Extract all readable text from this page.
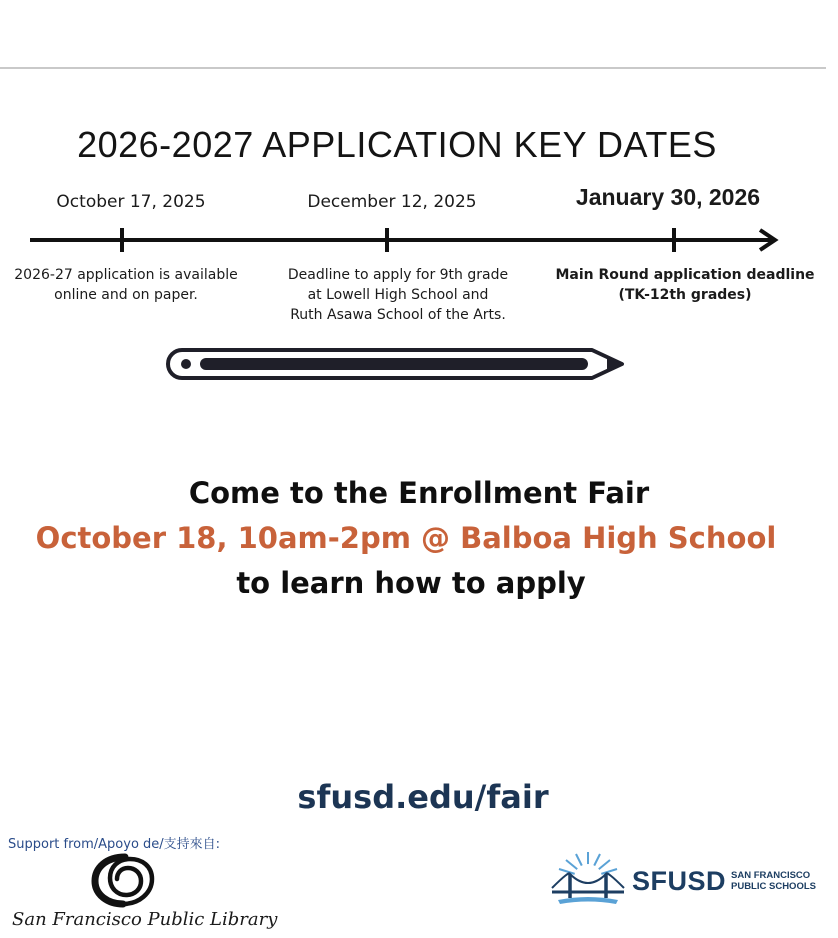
2026-2027 APPLICATION KEY DATES
October 17, 2025	December 12, 2025	January 30, 2026
2026-27 application is available
online and on paper.
Deadline to apply for 9th grade
at Lowell High School and
Ruth Asawa School of the Arts.
Main Round application deadline
(TK-12th grades)
Come to the Enrollment Fair
October 18, 10am-2pm @ Balboa High School
to learn how to apply
sfusd.edu/fair
Support from/Apoyo de/支持來自:
San Francisco Public Library
SFUSD SAN FRANCISCO
PUBLIC SCHOOLS
